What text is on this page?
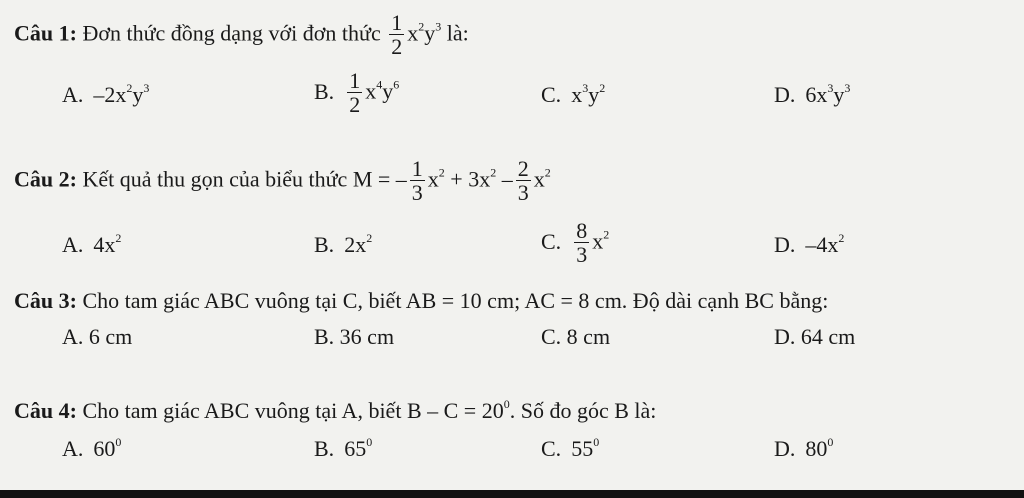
Câu 1: Đơn thức đồng dạng với đơn thức $\frac{1}{2} x^2y^3$ là:
A. $-2x^2y^3$	B. $\frac{1}{2} x^4y^6$	C. $x^3y^2$	D. $6x^3y^3$
Câu 2: Kết quả thu gọn của biểu thức M = – $\frac{1}{3} x^2 + 3x^2 - \frac{2}{3} x^2$
A. $4x^2$	B. $2x^2$	C. $\frac{8}{3} x^2$	D. $-4x^2$
Câu 3: Cho tam giác ABC vuông tại C, biết AB = 10 cm; AC = 8 cm. Độ dài cạnh BC bằng:
A. 6 cm	B. 36 cm	C. 8 cm	D. 64 cm
Câu 4: Cho tam giác ABC vuông tại A, biết $B - C = 20^0$. Số đo góc B là:
A. $60^0$	B. $65^0$	C. $55^0$	D. $80^0$
